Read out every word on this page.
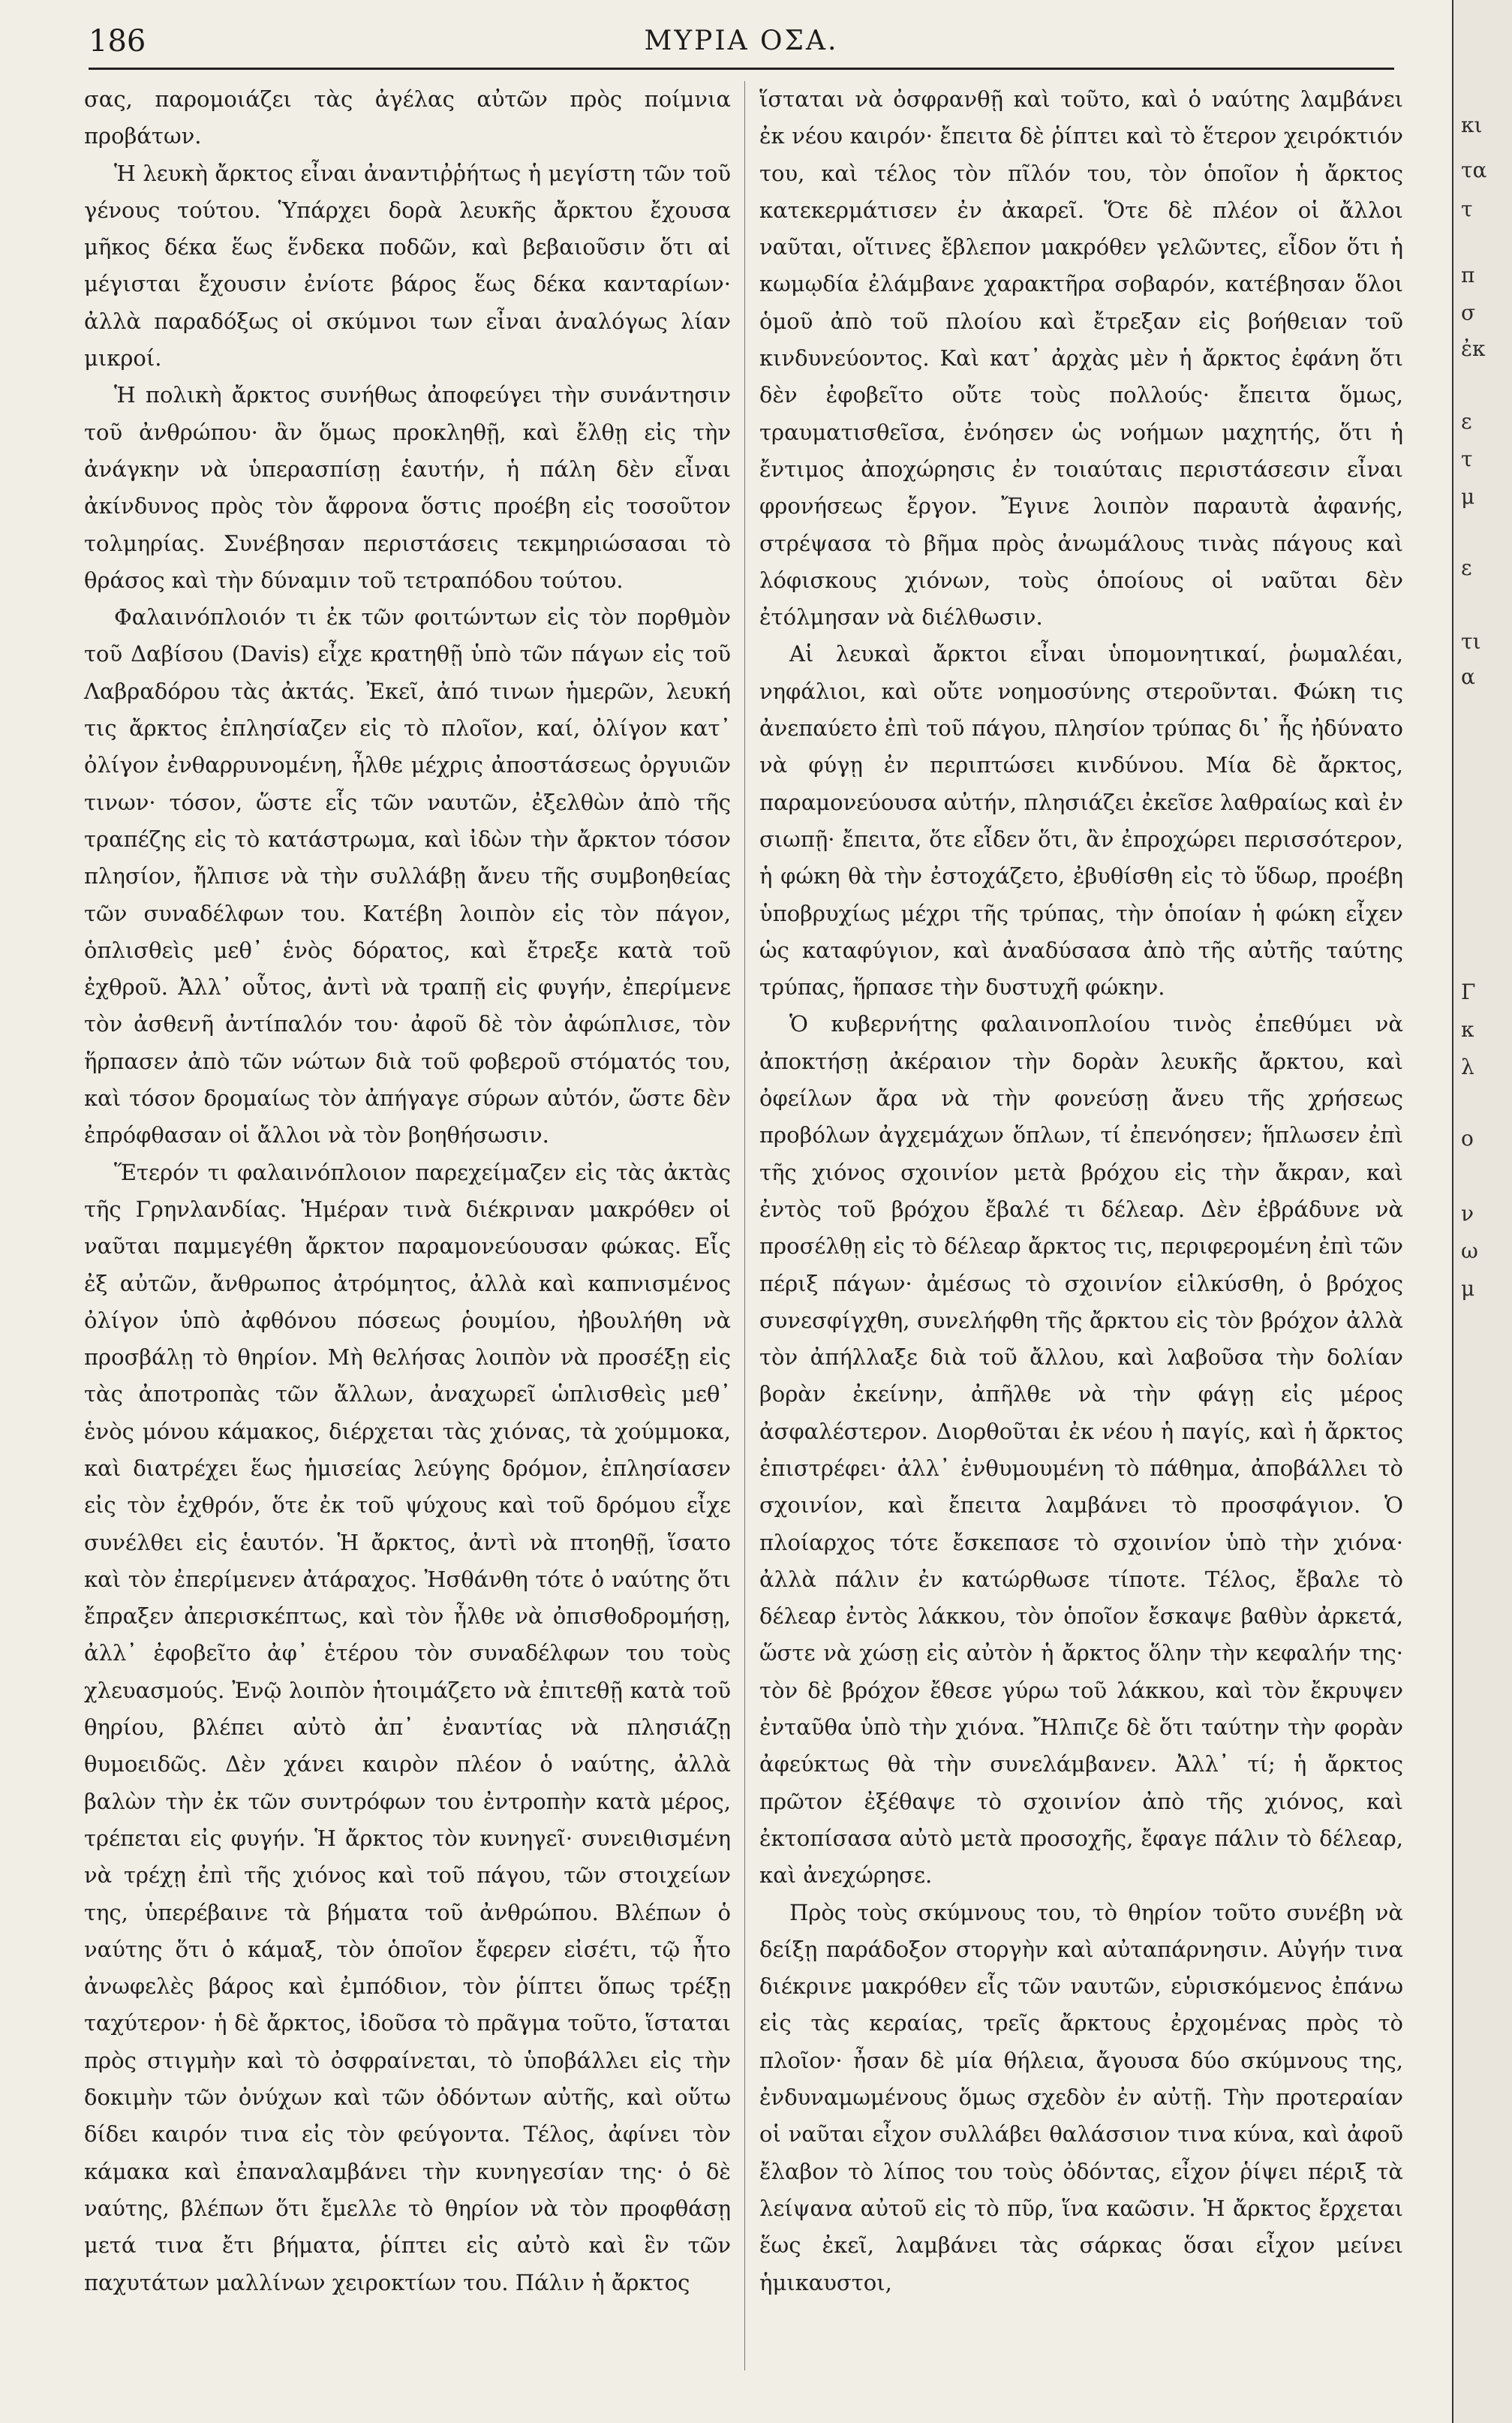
186	ΜΥΡΙΑ ΟΣΑ.

σας, παρομοιάζει τὰς ἀγέλας αὐτῶν πρὸς ποίμνια προβάτων.

Ἡ λευκὴ ἄρκτος εἶναι ἀναντιῤῥήτως ἡ μεγίστη τῶν τοῦ γένους τούτου. Ὑπάρχει δορὰ λευκῆς ἄρκτου ἔχουσα μῆκος δέκα ἕως ἕνδεκα ποδῶν, καὶ βεβαιοῦσιν ὅτι αἱ μέγισται ἔχουσιν ἐνίοτε βάρος ἕως δέκα κανταρίων· ἀλλὰ παραδόξως οἱ σκύμνοι των εἶναι ἀναλόγως λίαν μικροί.

Ἡ πολικὴ ἄρκτος συνήθως ἀποφεύγει τὴν συνάντησιν τοῦ ἀνθρώπου· ἂν ὅμως προκληθῇ, καὶ ἔλθῃ εἰς τὴν ἀνάγκην νὰ ὑπερασπίσῃ ἑαυτήν, ἡ πάλη δὲν εἶναι ἀκίνδυνος πρὸς τὸν ἄφρονα ὅστις προέβη εἰς τοσοῦτον τολμηρίας. Συνέβησαν περιστάσεις τεκμηριώσασαι τὸ θράσος καὶ τὴν δύναμιν τοῦ τετραπόδου τούτου.

Φαλαινόπλοιόν τι ἐκ τῶν φοιτώντων εἰς τὸν πορθμὸν τοῦ Δαβίσου (Davis) εἶχε κρατηθῇ ὑπὸ τῶν πάγων εἰς τοῦ Λαβραδόρου τὰς ἀκτάς. Ἐκεῖ, ἀπό τινων ἡμερῶν, λευκή τις ἄρκτος ἐπλησίαζεν εἰς τὸ πλοῖον, καί, ὀλίγον κατ᾽ ὀλίγον ἐνθαρρυνομένη, ἦλθε μέχρις ἀποστάσεως ὀργυιῶν τινων· τόσον, ὥστε εἷς τῶν ναυτῶν, ἐξελθὼν ἀπὸ τῆς τραπέζης εἰς τὸ κατάστρωμα, καὶ ἰδὼν τὴν ἄρκτον τόσον πλησίον, ἤλπισε νὰ τὴν συλλάβῃ ἄνευ τῆς συμβοηθείας τῶν συναδέλφων του. Κατέβη λοιπὸν εἰς τὸν πάγον, ὁπλισθεὶς μεθ᾽ ἑνὸς δόρατος, καὶ ἔτρεξε κατὰ τοῦ ἐχθροῦ. Ἀλλ᾽ οὗτος, ἀντὶ νὰ τραπῇ εἰς φυγήν, ἐπερίμενε τὸν ἀσθενῆ ἀντίπαλόν του· ἀφοῦ δὲ τὸν ἀφώπλισε, τὸν ἥρπασεν ἀπὸ τῶν νώτων διὰ τοῦ φοβεροῦ στόματός του, καὶ τόσον δρομαίως τὸν ἀπήγαγε σύρων αὐτόν, ὥστε δὲν ἐπρόφθασαν οἱ ἄλλοι νὰ τὸν βοηθήσωσιν.

Ἕτερόν τι φαλαινόπλοιον παρεχείμαζεν εἰς τὰς ἀκτὰς τῆς Γρηνλανδίας. Ἡμέραν τινὰ διέκριναν μακρόθεν οἱ ναῦται παμμεγέθη ἄρκτον παραμονεύουσαν φώκας. Εἷς ἐξ αὐτῶν, ἄνθρωπος ἀτρόμητος, ἀλλὰ καὶ καπνισμένος ὀλίγον ὑπὸ ἀφθόνου πόσεως ῥουμίου, ἠβουλήθη νὰ προσβάλῃ τὸ θηρίον. Μὴ θελήσας λοιπὸν νὰ προσέξῃ εἰς τὰς ἀποτροπὰς τῶν ἄλλων, ἀναχωρεῖ ὡπλισθεὶς μεθ᾽ ἑνὸς μόνου κάμακος, διέρχεται τὰς χιόνας, τὰ χούμμοκα, καὶ διατρέχει ἕως ἡμισείας λεύγης δρόμον, ἐπλησίασεν εἰς τὸν ἐχθρόν, ὅτε ἐκ τοῦ ψύχους καὶ τοῦ δρόμου εἶχε συνέλθει εἰς ἑαυτόν. Ἡ ἄρκτος, ἀντὶ νὰ πτοηθῇ, ἵσατο καὶ τὸν ἐπερίμενεν ἀτάραχος. Ἠσθάνθη τότε ὁ ναύτης ὅτι ἔπραξεν ἀπερισκέπτως, καὶ τὸν ἦλθε νὰ ὀπισθοδρομήσῃ, ἀλλ᾽ ἐφοβεῖτο ἀφ᾽ ἑτέρου τὸν συναδέλφων του τοὺς χλευασμούς. Ἐνῷ λοιπὸν ἡτοιμάζετο νὰ ἐπιτεθῇ κατὰ τοῦ θηρίου, βλέπει αὐτὸ ἀπ᾽ ἐναντίας νὰ πλησιάζῃ θυμοειδῶς. Δὲν χάνει καιρὸν πλέον ὁ ναύτης, ἀλλὰ βαλὼν τὴν ἐκ τῶν συντρόφων του ἐντροπὴν κατὰ μέρος, τρέπεται εἰς φυγήν. Ἡ ἄρκτος τὸν κυνηγεῖ· συνειθισμένη νὰ τρέχῃ ἐπὶ τῆς χιόνος καὶ τοῦ πάγου, τῶν στοιχείων της, ὑπερέβαινε τὰ βήματα τοῦ ἀνθρώπου. Βλέπων ὁ ναύτης ὅτι ὁ κάμαξ, τὸν ὁποῖον ἔφερεν εἰσέτι, τῷ ἦτο ἀνωφελὲς βάρος καὶ ἐμπόδιον, τὸν ῥίπτει ὅπως τρέξῃ ταχύτερον· ἡ δὲ ἄρκτος, ἰδοῦσα τὸ πρᾶγμα τοῦτο, ἵσταται πρὸς στιγμὴν καὶ τὸ ὀσφραίνεται, τὸ ὑποβάλλει εἰς τὴν δοκιμὴν τῶν ὀνύχων καὶ τῶν ὀδόντων αὐτῆς, καὶ οὕτω δίδει καιρόν τινα εἰς τὸν φεύγοντα. Τέλος, ἀφίνει τὸν κάμακα καὶ ἐπαναλαμβάνει τὴν κυνηγεσίαν της· ὁ δὲ ναύτης, βλέπων ὅτι ἔμελλε τὸ θηρίον νὰ τὸν προφθάσῃ μετά τινα ἔτι βήματα, ῥίπτει εἰς αὐτὸ καὶ ἓν τῶν παχυτάτων μαλλίνων χειροκτίων του. Πάλιν ἡ ἄρκτος

ἵσταται νὰ ὀσφρανθῇ καὶ τοῦτο, καὶ ὁ ναύτης λαμβάνει ἐκ νέου καιρόν· ἔπειτα δὲ ῥίπτει καὶ τὸ ἕτερον χειρόκτιόν του, καὶ τέλος τὸν πῖλόν του, τὸν ὁποῖον ἡ ἄρκτος κατεκερμάτισεν ἐν ἀκαρεῖ. Ὅτε δὲ πλέον οἱ ἄλλοι ναῦται, οἵτινες ἔβλεπον μακρόθεν γελῶντες, εἶδον ὅτι ἡ κωμῳδία ἐλάμβανε χαρακτῆρα σοβαρόν, κατέβησαν ὅλοι ὁμοῦ ἀπὸ τοῦ πλοίου καὶ ἔτρεξαν εἰς βοήθειαν τοῦ κινδυνεύοντος. Καὶ κατ᾽ ἀρχὰς μὲν ἡ ἄρκτος ἐφάνη ὅτι δὲν ἐφοβεῖτο οὔτε τοὺς πολλούς· ἔπειτα ὅμως, τραυματισθεῖσα, ἐνόησεν ὡς νοήμων μαχητής, ὅτι ἡ ἔντιμος ἀποχώρησις ἐν τοιαύταις περιστάσεσιν εἶναι φρονήσεως ἔργον. Ἔγινε λοιπὸν παραυτὰ ἀφανής, στρέψασα τὸ βῆμα πρὸς ἀνωμάλους τινὰς πάγους καὶ λόφισκους χιόνων, τοὺς ὁποίους οἱ ναῦται δὲν ἐτόλμησαν νὰ διέλθωσιν.

Αἱ λευκαὶ ἄρκτοι εἶναι ὑπομονητικαί, ῥωμαλέαι, νηφάλιοι, καὶ οὔτε νοημοσύνης στεροῦνται. Φώκη τις ἀνεπαύετο ἐπὶ τοῦ πάγου, πλησίον τρύπας δι᾽ ἧς ἠδύνατο νὰ φύγῃ ἐν περιπτώσει κινδύνου. Μία δὲ ἄρκτος, παραμονεύουσα αὐτήν, πλησιάζει ἐκεῖσε λαθραίως καὶ ἐν σιωπῇ· ἔπειτα, ὅτε εἶδεν ὅτι, ἂν ἐπροχώρει περισσότερον, ἡ φώκη θὰ τὴν ἐστοχάζετο, ἐβυθίσθη εἰς τὸ ὕδωρ, προέβη ὑποβρυχίως μέχρι τῆς τρύπας, τὴν ὁποίαν ἡ φώκη εἶχεν ὡς καταφύγιον, καὶ ἀναδύσασα ἀπὸ τῆς αὐτῆς ταύτης τρύπας, ἥρπασε τὴν δυστυχῆ φώκην.

Ὁ κυβερνήτης φαλαινοπλοίου τινὸς ἐπεθύμει νὰ ἀποκτήσῃ ἀκέραιον τὴν δορὰν λευκῆς ἄρκτου, καὶ ὀφείλων ἄρα νὰ τὴν φονεύσῃ ἄνευ τῆς χρήσεως προβόλων ἀγχεμάχων ὅπλων, τί ἐπενόησεν; ἥπλωσεν ἐπὶ τῆς χιόνος σχοινίον μετὰ βρόχου εἰς τὴν ἄκραν, καὶ ἐντὸς τοῦ βρόχου ἔβαλέ τι δέλεαρ. Δὲν ἐβράδυνε νὰ προσέλθῃ εἰς τὸ δέλεαρ ἄρκτος τις, περιφερομένη ἐπὶ τῶν πέριξ πάγων· ἀμέσως τὸ σχοινίον εἱλκύσθη, ὁ βρόχος συνεσφίγχθη, συνελήφθη τῆς ἄρκτου εἰς τὸν βρόχον ἀλλὰ τὸν ἀπήλλαξε διὰ τοῦ ἄλλου, καὶ λαβοῦσα τὴν δολίαν βορὰν ἐκείνην, ἀπῆλθε νὰ τὴν φάγῃ εἰς μέρος ἀσφαλέστερον. Διορθοῦται ἐκ νέου ἡ παγίς, καὶ ἡ ἄρκτος ἐπιστρέφει· ἀλλ᾽ ἐνθυμουμένη τὸ πάθημα, ἀποβάλλει τὸ σχοινίον, καὶ ἔπειτα λαμβάνει τὸ προσφάγιον. Ὁ πλοίαρχος τότε ἔσκεπασε τὸ σχοινίον ὑπὸ τὴν χιόνα· ἀλλὰ πάλιν ἐν κατώρθωσε τίποτε. Τέλος, ἔβαλε τὸ δέλεαρ ἐντὸς λάκκου, τὸν ὁποῖον ἔσκαψε βαθὺν ἀρκετά, ὥστε νὰ χώσῃ εἰς αὐτὸν ἡ ἄρκτος ὅλην τὴν κεφαλήν της· τὸν δὲ βρόχον ἔθεσε γύρω τοῦ λάκκου, καὶ τὸν ἔκρυψεν ἐνταῦθα ὑπὸ τὴν χιόνα. Ἤλπιζε δὲ ὅτι ταύτην τὴν φορὰν ἀφεύκτως θὰ τὴν συνελάμβανεν. Ἀλλ᾽ τί; ἡ ἄρκτος πρῶτον ἐξέθαψε τὸ σχοινίον ἀπὸ τῆς χιόνος, καὶ ἐκτοπίσασα αὐτὸ μετὰ προσοχῆς, ἔφαγε πάλιν τὸ δέλεαρ, καὶ ἀνεχώρησε.

Πρὸς τοὺς σκύμνους του, τὸ θηρίον τοῦτο συνέβη νὰ δείξῃ παράδοξον στοργὴν καὶ αὐταπάρνησιν. Αὐγήν τινα διέκρινε μακρόθεν εἷς τῶν ναυτῶν, εὑρισκόμενος ἐπάνω εἰς τὰς κεραίας, τρεῖς ἄρκτους ἐρχομένας πρὸς τὸ πλοῖον· ἦσαν δὲ μία θήλεια, ἄγουσα δύο σκύμνους της, ἐνδυναμωμένους ὅμως σχεδὸν ἐν αὐτῇ. Τὴν προτεραίαν οἱ ναῦται εἶχον συλλάβει θαλάσσιον τινα κύνα, καὶ ἀφοῦ ἔλαβον τὸ λίπος του τοὺς ὀδόντας, εἶχον ῥίψει πέριξ τὰ λείψανα αὐτοῦ εἰς τὸ πῦρ, ἵνα καῶσιν. Ἡ ἄρκτος ἔρχεται ἕως ἐκεῖ, λαμβάνει τὰς σάρκας ὅσαι εἶχον μείνει ἡμικαυστοι,

κι
τα
τ
π
σ
ἐκ
ε
τ
μ
ε
τι
α
Γ
κ
λ
ο
ν
ω
μ
